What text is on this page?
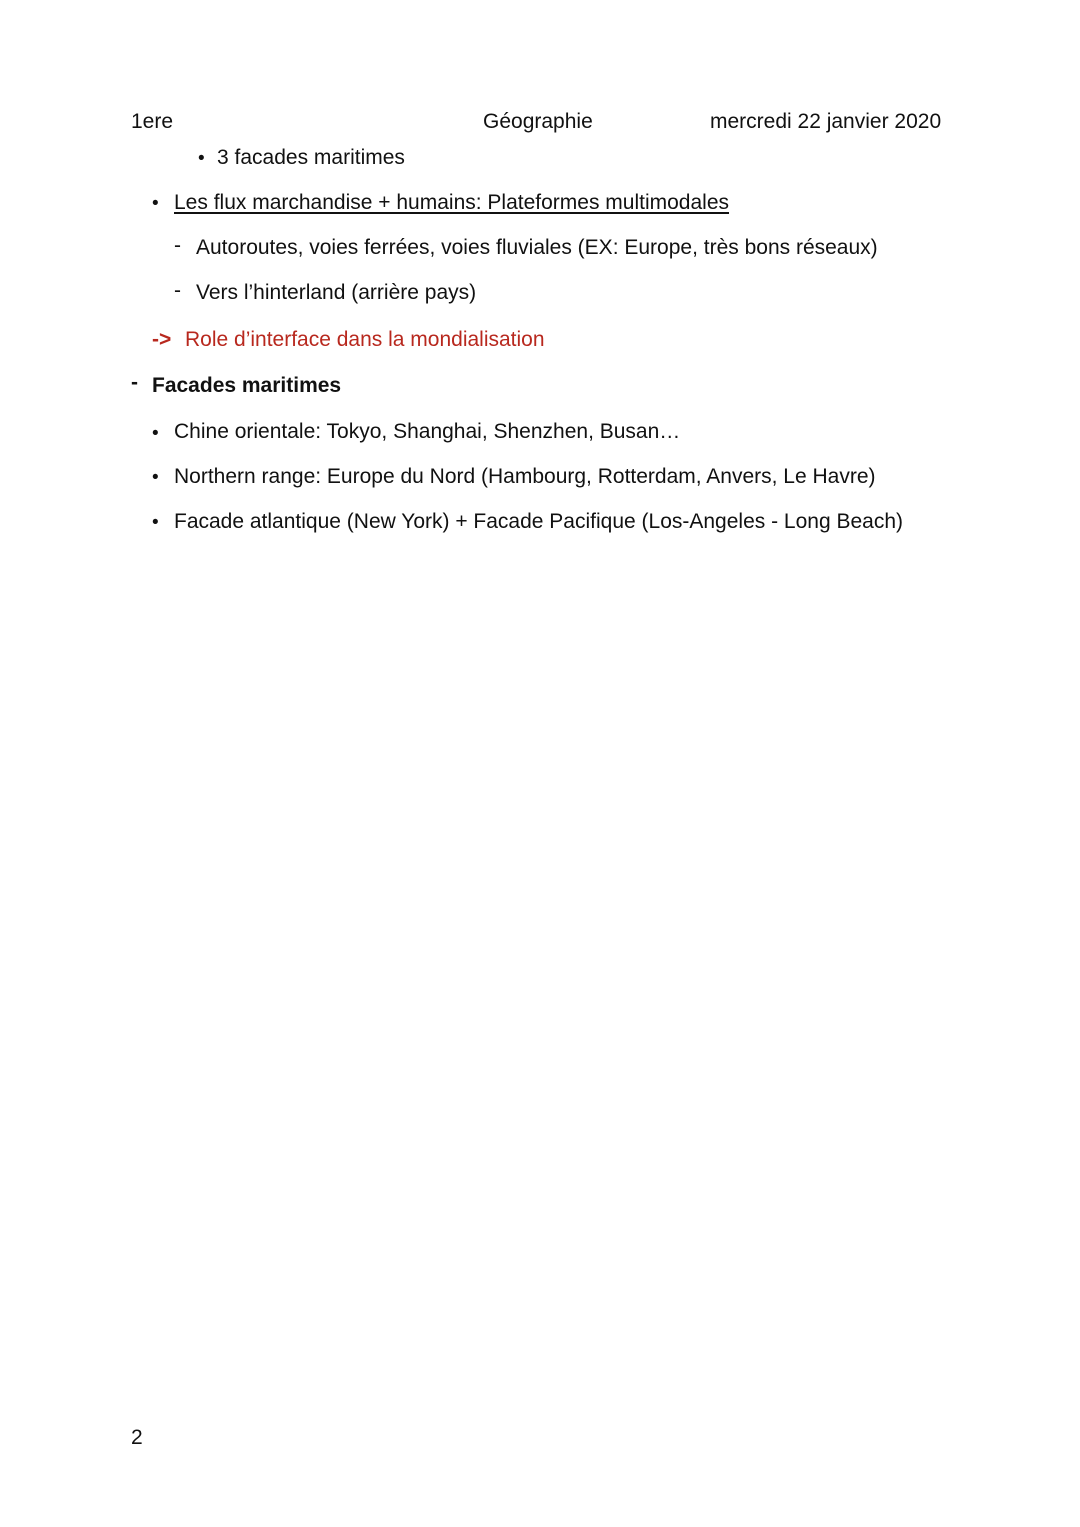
1ere	Géographie	mercredi 22 janvier 2020
• 3 facades maritimes
• Les flux marchandise + humains: Plateformes multimodales
- Autoroutes, voies ferrées, voies fluviales (EX: Europe, très bons réseaux)
- Vers l’hinterland (arrière pays)
-> Role d’interface dans la mondialisation
- Facades maritimes
• Chine orientale: Tokyo, Shanghai, Shenzhen, Busan…
• Northern range: Europe du Nord (Hambourg, Rotterdam, Anvers, Le Havre)
• Facade atlantique (New York) + Facade Pacifique (Los-Angeles - Long Beach)
2
